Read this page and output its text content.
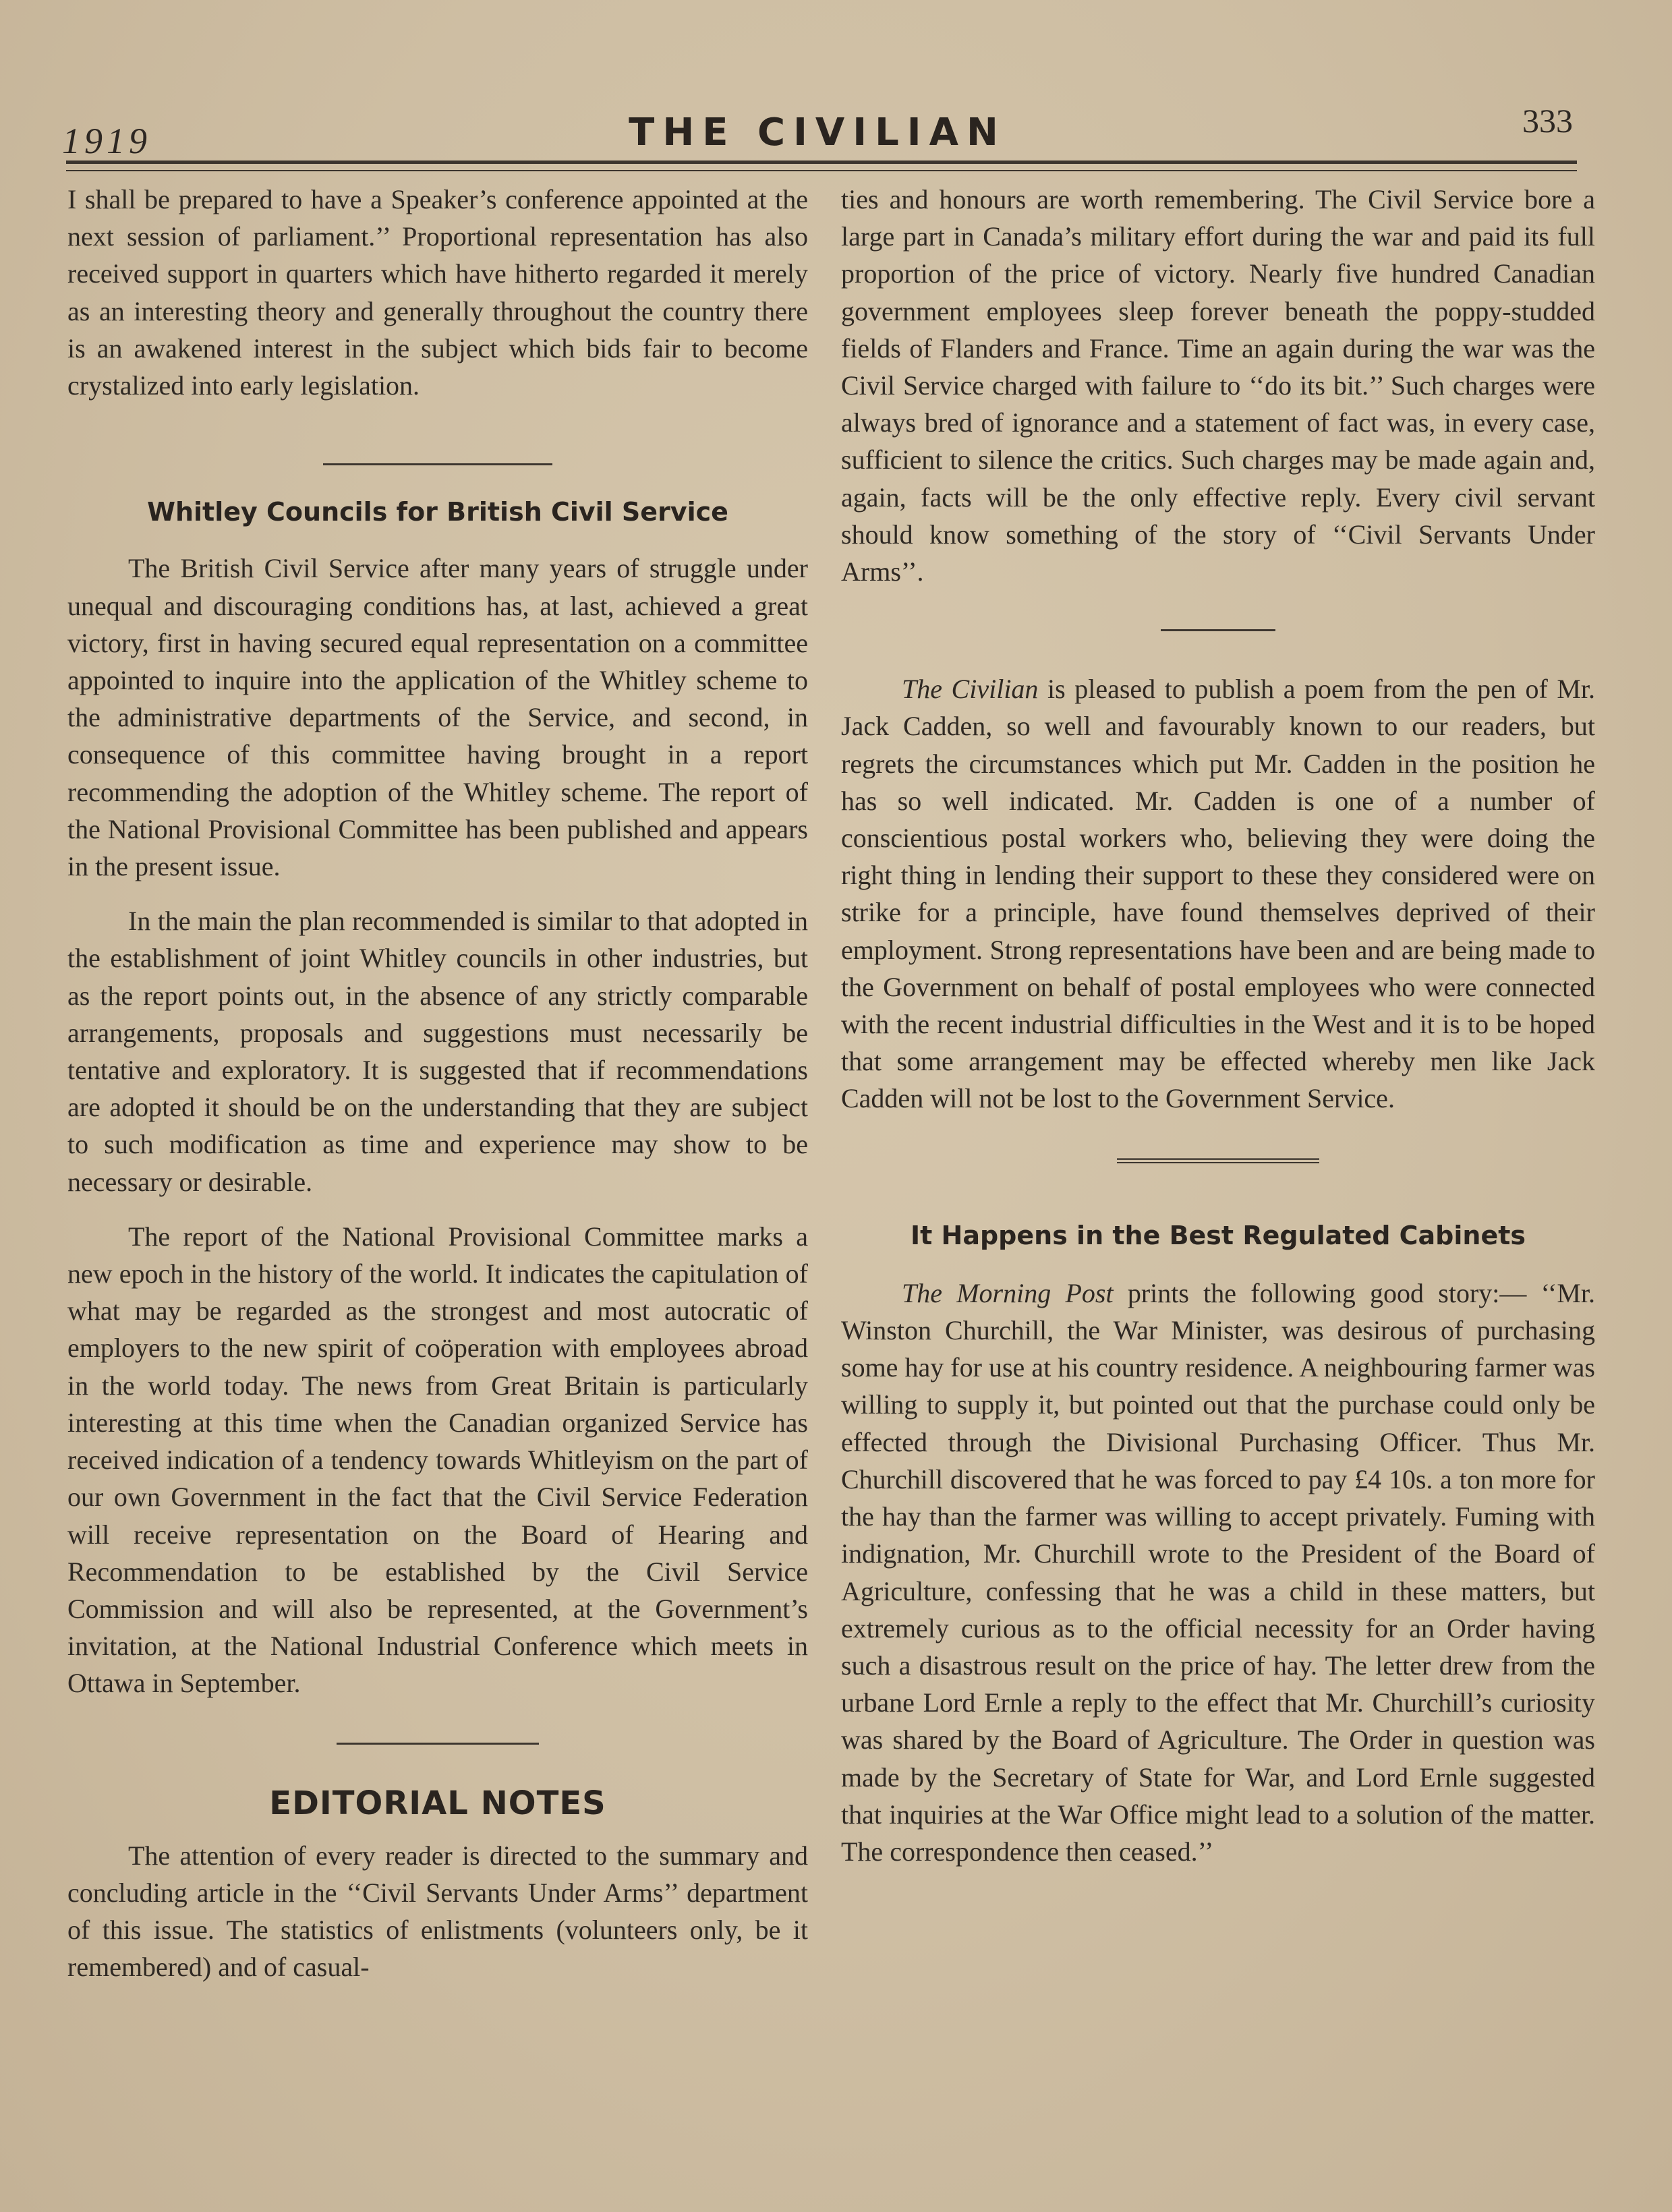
1919	THE CIVILIAN	333

I shall be prepared to have a Speaker’s conference appointed at the next session of parliament.’’ Proportional representation has also received support in quarters which have hitherto regarded it merely as an interesting theory and generally throughout the country there is an awakened interest in the subject which bids fair to become crystalized into early legislation.

Whitley Councils for British Civil Service

The British Civil Service after many years of struggle under unequal and discouraging conditions has, at last, achieved a great victory, first in having secured equal representation on a committee appointed to inquire into the application of the Whitley scheme to the administrative departments of the Service, and second, in consequence of this committee having brought in a report recommending the adoption of the Whitley scheme. The report of the National Provisional Committee has been published and appears in the present issue.

In the main the plan recommended is similar to that adopted in the establishment of joint Whitley councils in other industries, but as the report points out, in the absence of any strictly comparable arrangements, proposals and suggestions must necessarily be tentative and exploratory. It is suggested that if recommendations are adopted it should be on the understanding that they are subject to such modification as time and experience may show to be necessary or desirable.

The report of the National Provisional Committee marks a new epoch in the history of the world. It indicates the capitulation of what may be regarded as the strongest and most autocratic of employers to the new spirit of coöperation with employees abroad in the world today. The news from Great Britain is particularly interesting at this time when the Canadian organized Service has received indication of a tendency towards Whitleyism on the part of our own Government in the fact that the Civil Service Federation will receive representation on the Board of Hearing and Recommendation to be established by the Civil Service Commission and will also be represented, at the Government’s invitation, at the National Industrial Conference which meets in Ottawa in September.

EDITORIAL NOTES

The attention of every reader is directed to the summary and concluding article in the ‘‘Civil Servants Under Arms’’ department of this issue. The statistics of enlistments (volunteers only, be it remembered) and of casual-

ties and honours are worth remembering. The Civil Service bore a large part in Canada’s military effort during the war and paid its full proportion of the price of victory. Nearly five hundred Canadian government employees sleep forever beneath the poppy-studded fields of Flanders and France. Time an again during the war was the Civil Service charged with failure to ‘‘do its bit.’’ Such charges were always bred of ignorance and a statement of fact was, in every case, sufficient to silence the critics. Such charges may be made again and, again, facts will be the only effective reply. Every civil servant should know something of the story of ‘‘Civil Servants Under Arms’’.

The Civilian is pleased to publish a poem from the pen of Mr. Jack Cadden, so well and favourably known to our readers, but regrets the circumstances which put Mr. Cadden in the position he has so well indicated. Mr. Cadden is one of a number of conscientious postal workers who, believing they were doing the right thing in lending their support to these they considered were on strike for a principle, have found themselves deprived of their employment. Strong representations have been and are being made to the Government on behalf of postal employees who were connected with the recent industrial difficulties in the West and it is to be hoped that some arrangement may be effected whereby men like Jack Cadden will not be lost to the Government Service.

It Happens in the Best Regulated Cabinets

The Morning Post prints the following good story:— ‘‘Mr. Winston Churchill, the War Minister, was desirous of purchasing some hay for use at his country residence. A neighbouring farmer was willing to supply it, but pointed out that the purchase could only be effected through the Divisional Purchasing Officer. Thus Mr. Churchill discovered that he was forced to pay £4 10s. a ton more for the hay than the farmer was willing to accept privately. Fuming with indignation, Mr. Churchill wrote to the President of the Board of Agriculture, confessing that he was a child in these matters, but extremely curious as to the official necessity for an Order having such a disastrous result on the price of hay. The letter drew from the urbane Lord Ernle a reply to the effect that Mr. Churchill’s curiosity was shared by the Board of Agriculture. The Order in question was made by the Secretary of State for War, and Lord Ernle suggested that inquiries at the War Office might lead to a solution of the matter. The correspondence then ceased.’’
